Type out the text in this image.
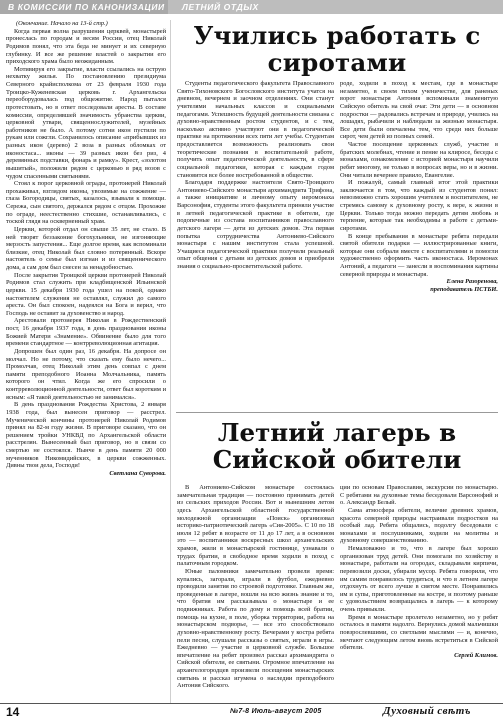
В КОМИССИИ ПО КАНОНИЗАЦИИ	ЛЕТНИЙ ОТДЫХ

(Окончание. Начало на 13-й стр.)

Когда первая волна разрушения церквей, монастырей пронеслась по городам и весям России, отец Николай Родимов понял, что эта беда не минует и их северную глубинку. И все же решение властей о закрытии его приходского храма было неожиданным.

Мотивируя его закрытие, власти ссылались на острую нехватку жилья. По постановлению президиума Северного крайисполкома от 23 февраля 1930 года Троицко-Куженевская церковь г. Архангельска переоборудовалась под общежитие. Народ пытался протестовать, но в ответ последовали аресты. В составе комиссии, определявшей значимость убранства церкви, церковной утвари, священнослужителей, музейных работников не было. А потому сотни икон пустили по рукам или сожгли. Сохранилось описание «прибывших из разных икон (дерево) 2 воза в разных обломках от иконостаса... иконы — 39 разных икон без риз, 4 деревянных подставки, фонарь и рамку». Крест, «золотом вышитый», положили рядом с церковью в ряд возов с чудом спасенными святынями.

Стоял к порог церковной ограды, протоиерей Николай прохаживал, взглядом иконы, увозимые на сожжение — глаза Богородицы, святых, казалось, взывали к помощи. Сережа, сын святого, держался рядом с отцом. Прохожие по ограде, неестественно стихшие, останавливались, с тоской глядя на оскверненный храм.

Церкви, которой отдал он свыше 35 лет, не стало. В ней творят беззаконие богохульники, не изгоняющие мерзость запустения... Еще долгое время, как вспоминали близкие, отец Николай был словно потерянный. Вскоре настоятель о семье был изгнан и из священнического дома, а сам дом был снесен за ненадобностью.

После закрытия Троицкой церкви протоиерей Николай Родимов стал служить при кладбищенской Ильинской церкви. 15 декабря 1930 года ушел на покой, однако настоятелем служения не оставлял, служил до самого ареста. Он был спокоен, надеялся на Бога и верил, что Господь не оставит за духовенство и народ.

Арестовали протоиерея Николая в Рождественский пост, 16 декабря 1937 года, в день празднования иконы Божией Матери «Знамение». Обвинение было для того времени стандартное — контрреволюционная агитация.

Допрошен был один раз, 16 декабря. На допросе он молчал. Но не потому, что сказать ему было нечего... Промолчав, отец Николай этим день совпал с днем памяти преподобного Иоанна Молчальника, память которого он чтил. Когда же его спросили о контрреволюционной деятельности, ответ был коротким и ясным: «Я такой деятельностью не занимался».

В день празднования Рождества Христова, 2 января 1938 года, был вынесен приговор — расстрел. Мученической кончины протоиерей Николай Родимов принял на 82-м году жизни. В приговоре сказано, что он решением тройки УНКВД по Архангельской области расстрелян. Вынесенный был приговор, но в связи со смертью не состоялся. Нынче в день памяти 20 000 мученников Никомидийских, в церкви сожженных. Дивны твои дела, Господи!

Светлана Суворова.

Учились работать с сиротами

Студенты педагогического факультета Православного Свято-Тихоновского Богословского института учатся на дневном, вечернем и заочном отделениях. Они станут учителями начальных классов и социальными педагогами. Успешность будущей деятельности связана с духовно-нравственным ростом студентов, и с тем, насколько активно участвуют они в педагогической практике на протяжении всех пяти лет учебы. Студентам предоставляется возможность реализовать свои теоретические познания в воспитательной работе, получить опыт педагогической деятельности, в сфере социальной педагогики, которая с каждым годом становится все более востребованной в обществе.

Благодаря поддержке настоятеля Свято-Троицкого Антониево-Сийского монастыря архимандрита Трифона, а также инициативе и личному опыту иеромонаха Варсонофия, студенты этого факультета приняли участие в летней педагогической практике в обители, где подопечные из состава воспитанников православного детского лагеря — дети из детских домов. Эта первая попытка сотрудничества Антониево-Сийского монастыря с нашим институтом стала успешной. Учащиеся педагогической практики получили реальный опыт общения с детьми из детских домов и приобрели знания о социально-просветительской работе.

роде, ходили в поход к местам, где в монастыре незаметно, в своем тихом ученичестве, для раненых ворот монастыря Антония вспоминали знаменитую Сийскую обитель на свой очаг. Эти дети — в основном подростки — радовались встречам и природе, учились на лошадях, рыбачили и наблюдали за жизнью монастыря. Все дети были опечалены тем, что среди них больше сирот, чем детей из полных семей.

Частое посещение церковных служб, участие в братских молебнах, чтение и пение на клиросе, беседы с монахами, ознакомление с историей монастыря научили ребят многому, не только в вопросах веры, но и в жизни. Они читали вечернее правило, Евангелие.

И пожалуй, самый главный итог этой практики заключается в том, что каждый из студентов понял: невозможно стать хорошим учителем и воспитателем, не стремясь самому к духовному росту, к вере, к жизни в Церкви. Только тогда можно передать детям любовь и терпение, которые так необходимы в работе с детьми-сиротами.

В конце пребывания в монастыре ребята передали святой обители подарки — иллюстрированные книги, которые они собрали вместе с воспитателями и помогли художественно оформить часть иконостаса. Иеромонах Антоний, а педагоги — занесли в воспоминания картины северной природы и монастыря.

Елена Разоренова,
преподаватель ПСТБИ.
Летний лагерь в Сийской обители

В Антониево-Сийском монастыре состоялась замечательная традиция — постоянно принимать детей из сельских приходов России. Вот и нынешним летом здесь Архангельской областной государственной молодежной организации «Поиск» организовал историко-патриотический лагерь «Сия-2005». С 10 по 18 июля 12 ребят в возрасте от 11 до 17 лет, а в основном это — воспитанники воскресных школ архангельских храмов, жили в монастырской гостинице, узнавали о трудах братии, в свободное время ходили в поход с палаточным городком.

Юные паломники замечательно провели время: купались, загорали, играли в футбол, ежедневно проводили занятия по строевой подготовке. Главным же, проведенные в лагере, вошли на всю жизнь знание и то, что братия им рассказывала о монастыре и ее подвижниках. Работа по дому и помощь всей братии, помощь на кухне, в поле, уборка территории, работа на монастырском подворье, — все это способствовало духовно-нравственному росту. Вечерами у костра ребята пели песни, слушали рассказы о святых, играли в игры. Ежедневно — участие в церковной службе. Большое впечатление на ребят произвел рассказ архимандрита о Сийской обители, ее святыни. Огромное впечатление на архангелогородцев произвели посещения монастырских святынь и рассказ игумена о наследии преподобного Антония Сийского.

ции по основам Православия, экскурсии по монастырю. С ребятами на духовные темы беседовали Варсонофий и о. Александр Белый.

Сама атмосфера обители, величие древних храмов, красота северной природы настраивали подростков на особый лад. Ребята общались, подолгу беседовали с монахами и послушниками, ходили на молитвы и духовному совершенствованию.

Немаловажно и то, что в лагере был хорошо организован труд детей. Они помогали по хозяйству в монастыре, работали на огородах, складывали кирпичи, перевозили доски, убирали мусор. Ребята говорили, что им самим понравилось трудиться, и что в летнем лагере отдохнуть от всего лучше в святом месте. Понравились им и супы, приготовленные на костре, и поэтому раньше с удовольствием возвращались в лагерь — к которому очень привыкли.

Время в монастыре пролетело незаметно, но у ребят осталось в памяти надолго. Вернулись домой мальчишки повзрослевшими, со светлыми мыслями — и, конечно, мечтают следующим летом вновь встретиться в Сийской обители.

Сергей Климов.

14	№7-8 Июль-август 2005	Духовный свѣтъ
